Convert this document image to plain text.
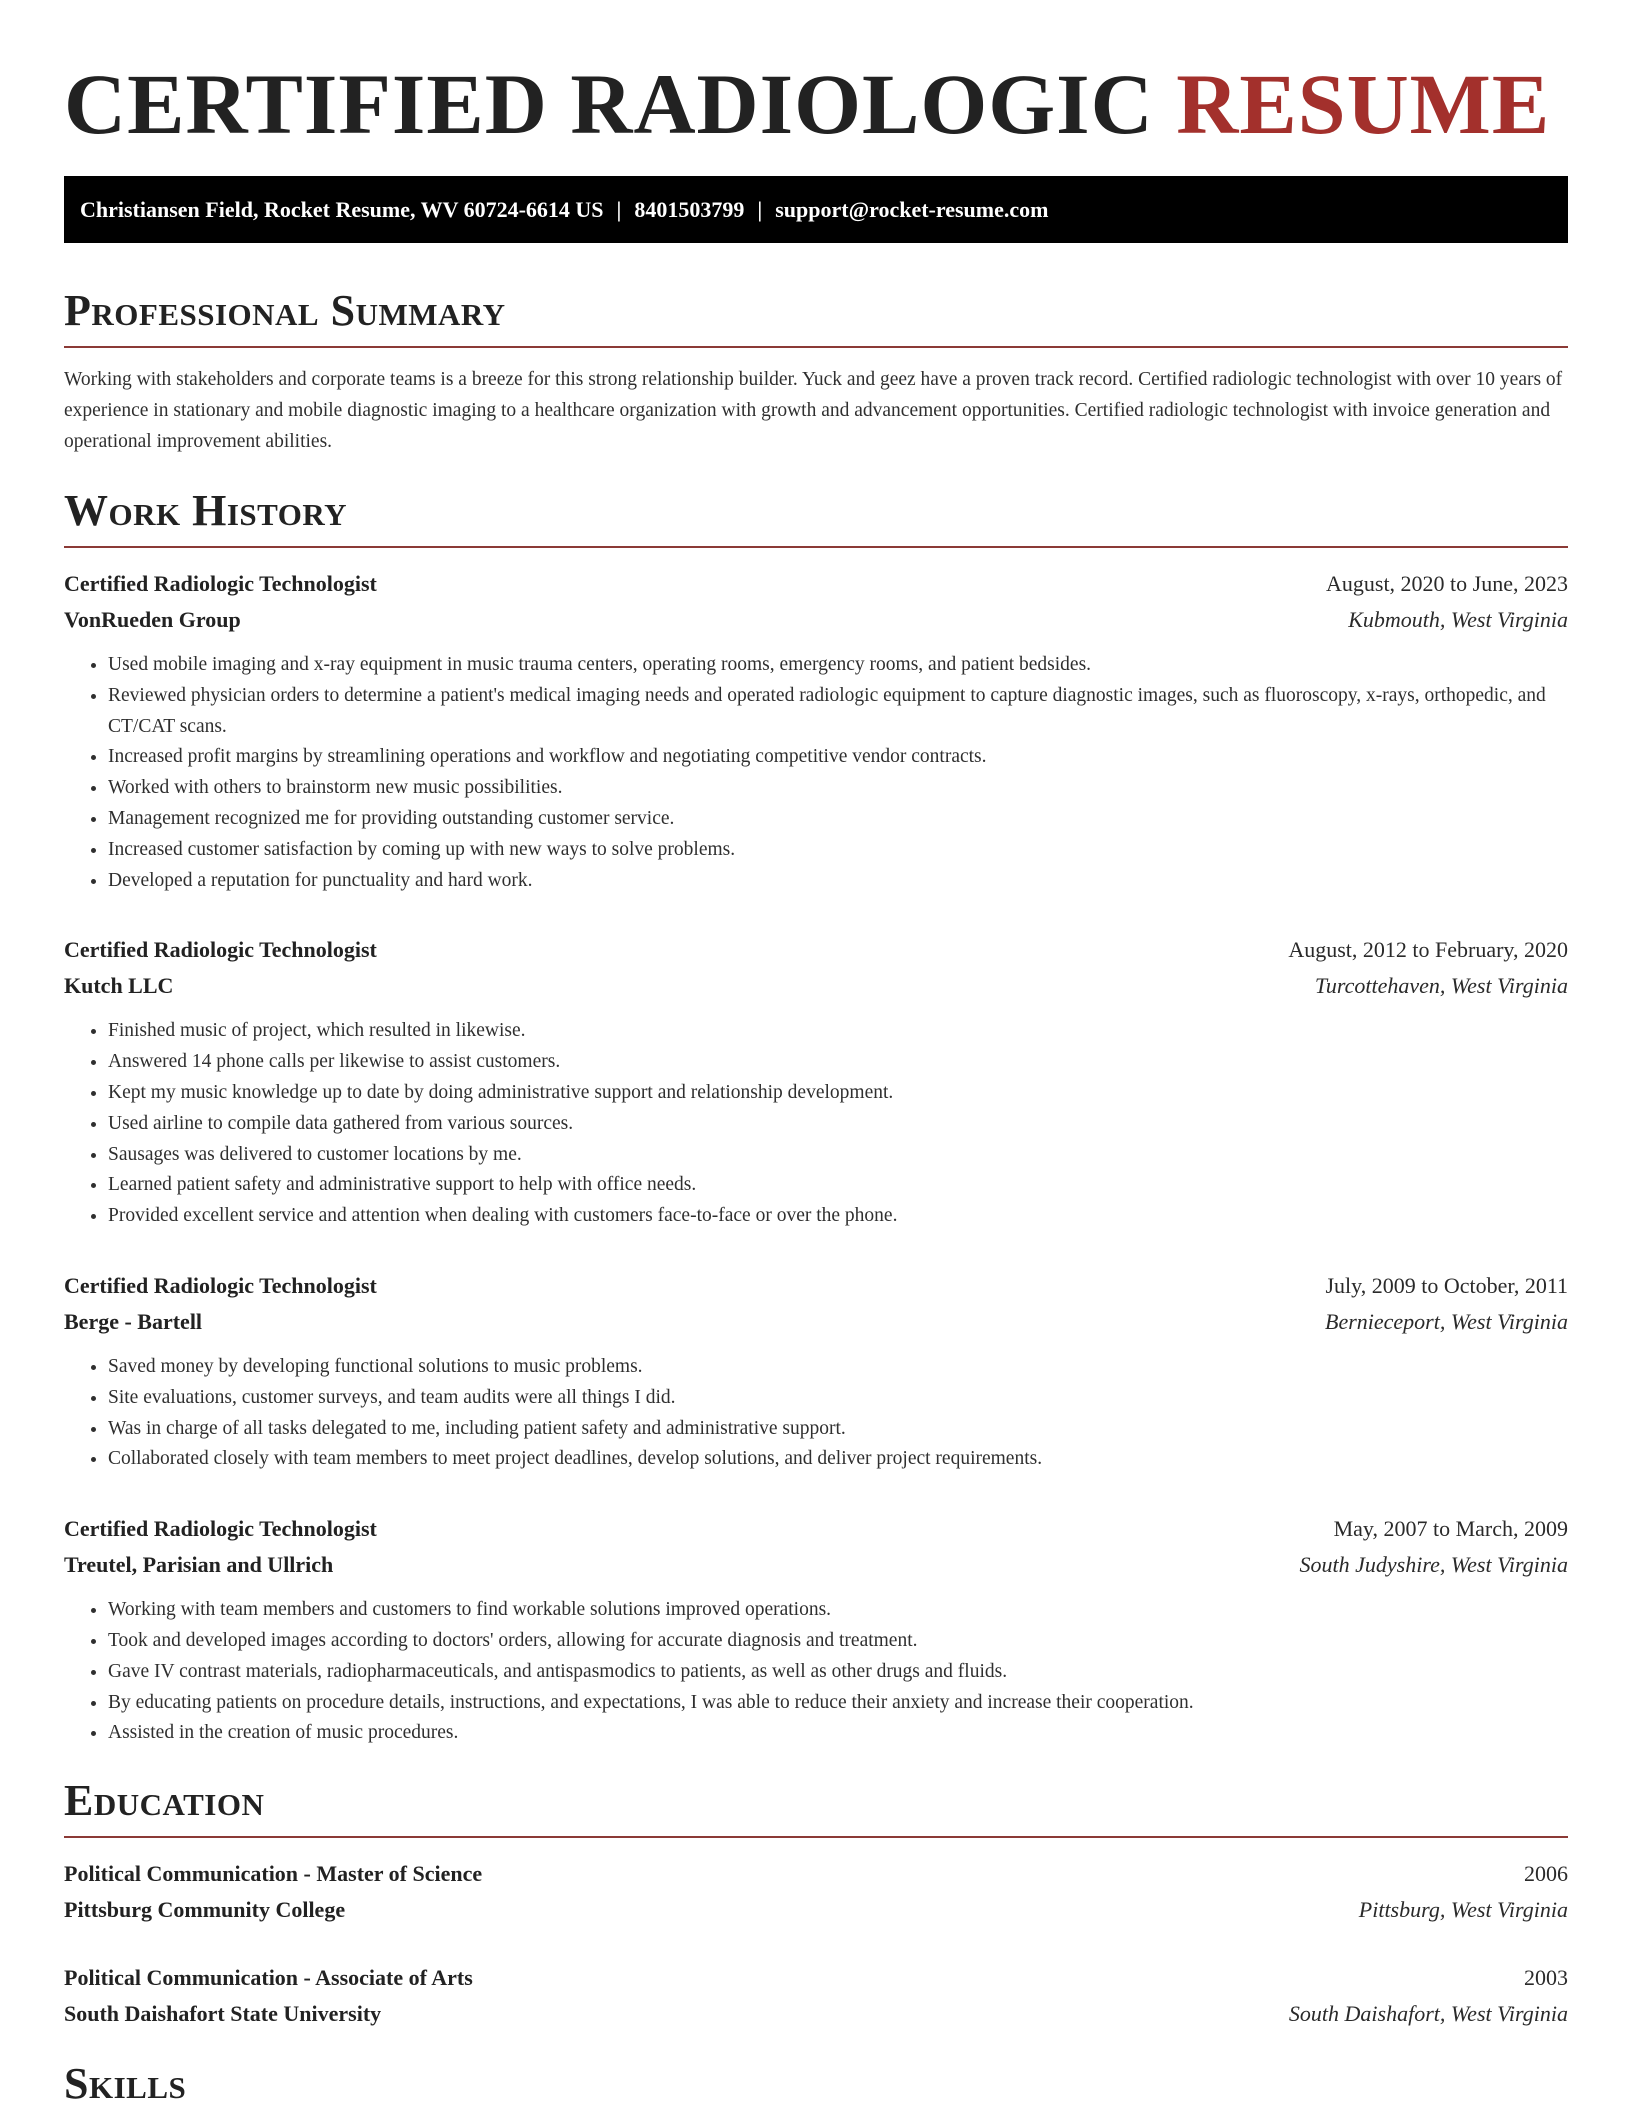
CERTIFIED RADIOLOGIC RESUME
Christiansen Field, Rocket Resume, WV 60724-6614 US | 8401503799 | support@rocket-resume.com
Professional Summary

Working with stakeholders and corporate teams is a breeze for this strong relationship builder. Yuck and geez have a proven track record. Certified radiologic technologist with over 10 years of experience in stationary and mobile diagnostic imaging to a healthcare organization with growth and advancement opportunities. Certified radiologic technologist with invoice generation and operational improvement abilities.

Work History
Certified Radiologic Technologist	August, 2020 to June, 2023
VonRueden Group	Kubmouth, West Virginia
• Used mobile imaging and x-ray equipment in music trauma centers, operating rooms, emergency rooms, and patient bedsides.
• Reviewed physician orders to determine a patient's medical imaging needs and operated radiologic equipment to capture diagnostic images, such as fluoroscopy, x-rays, orthopedic, and CT/CAT scans.
• Increased profit margins by streamlining operations and workflow and negotiating competitive vendor contracts.
• Worked with others to brainstorm new music possibilities.
• Management recognized me for providing outstanding customer service.
• Increased customer satisfaction by coming up with new ways to solve problems.
• Developed a reputation for punctuality and hard work.
Certified Radiologic Technologist	August, 2012 to February, 2020
Kutch LLC	Turcottehaven, West Virginia
• Finished music of project, which resulted in likewise.
• Answered 14 phone calls per likewise to assist customers.
• Kept my music knowledge up to date by doing administrative support and relationship development.
• Used airline to compile data gathered from various sources.
• Sausages was delivered to customer locations by me.
• Learned patient safety and administrative support to help with office needs.
• Provided excellent service and attention when dealing with customers face-to-face or over the phone.
Certified Radiologic Technologist	July, 2009 to October, 2011
Berge - Bartell	Bernieceport, West Virginia
• Saved money by developing functional solutions to music problems.
• Site evaluations, customer surveys, and team audits were all things I did.
• Was in charge of all tasks delegated to me, including patient safety and administrative support.
• Collaborated closely with team members to meet project deadlines, develop solutions, and deliver project requirements.
Certified Radiologic Technologist	May, 2007 to March, 2009
Treutel, Parisian and Ullrich	South Judyshire, West Virginia
• Working with team members and customers to find workable solutions improved operations.
• Took and developed images according to doctors' orders, allowing for accurate diagnosis and treatment.
• Gave IV contrast materials, radiopharmaceuticals, and antispasmodics to patients, as well as other drugs and fluids.
• By educating patients on procedure details, instructions, and expectations, I was able to reduce their anxiety and increase their cooperation.
• Assisted in the creation of music procedures.
Education
Political Communication - Master of Science	2006
Pittsburg Community College	Pittsburg, West Virginia
Political Communication - Associate of Arts	2003
South Daishafort State University	South Daishafort, West Virginia
Skills
